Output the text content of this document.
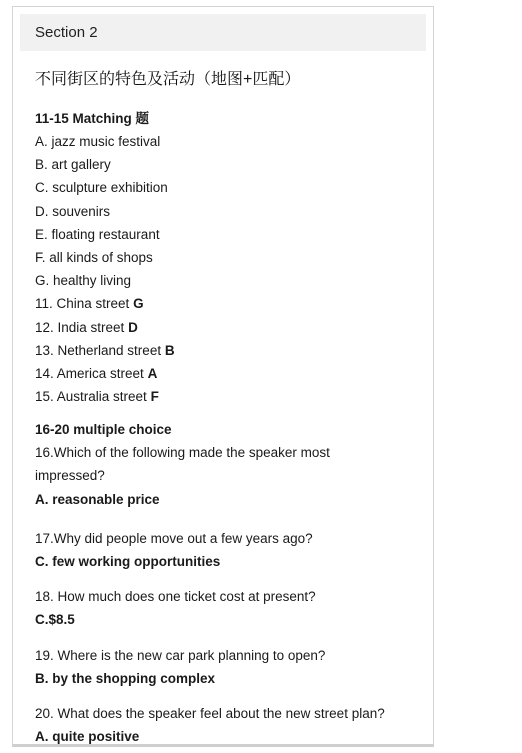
Section 2
不同街区的特色及活动（地图+匹配）
11-15 Matching 题
A. jazz music festival
B. art gallery
C. sculpture exhibition
D. souvenirs
E. floating restaurant
F. all kinds of shops
G. healthy living
11. China street G
12. India street D
13. Netherland street B
14. America street A
15. Australia street F
16-20 multiple choice
16.Which of the following made the speaker most
impressed?
A. reasonable price
17.Why did people move out a few years ago?
C. few working opportunities
18. How much does one ticket cost at present?
C.$8.5
19. Where is the new car park planning to open?
B. by the shopping complex
20. What does the speaker feel about the new street plan?
A. quite positive
